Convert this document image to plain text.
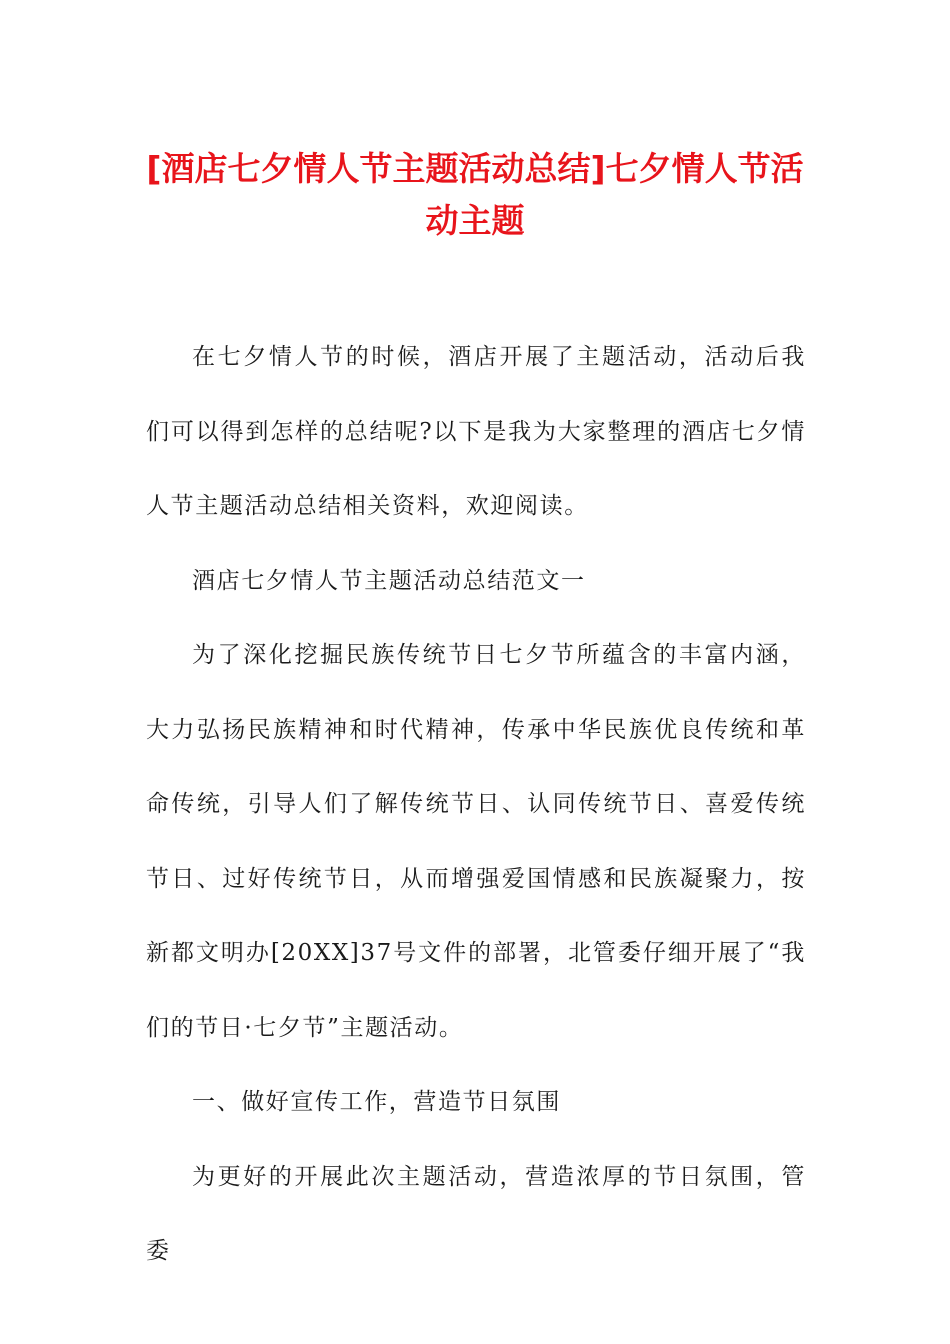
[酒店七夕情人节主题活动总结]七夕情人节活动主题

在七夕情人节的时候，酒店开展了主题活动，活动后我们可以得到怎样的总结呢?以下是我为大家整理的酒店七夕情人节主题活动总结相关资料，欢迎阅读。

酒店七夕情人节主题活动总结范文一

为了深化挖掘民族传统节日七夕节所蕴含的丰富内涵，大力弘扬民族精神和时代精神，传承中华民族优良传统和革命传统，引导人们了解传统节日、认同传统节日、喜爱传统节日、过好传统节日，从而增强爱国情感和民族凝聚力，按新都文明办[20XX]37号文件的部署，北管委仔细开展了“我们的节日·七夕节”主题活动。

一、做好宣传工作，营造节日氛围

为更好的开展此次主题活动，营造浓厚的节日氛围，管委
